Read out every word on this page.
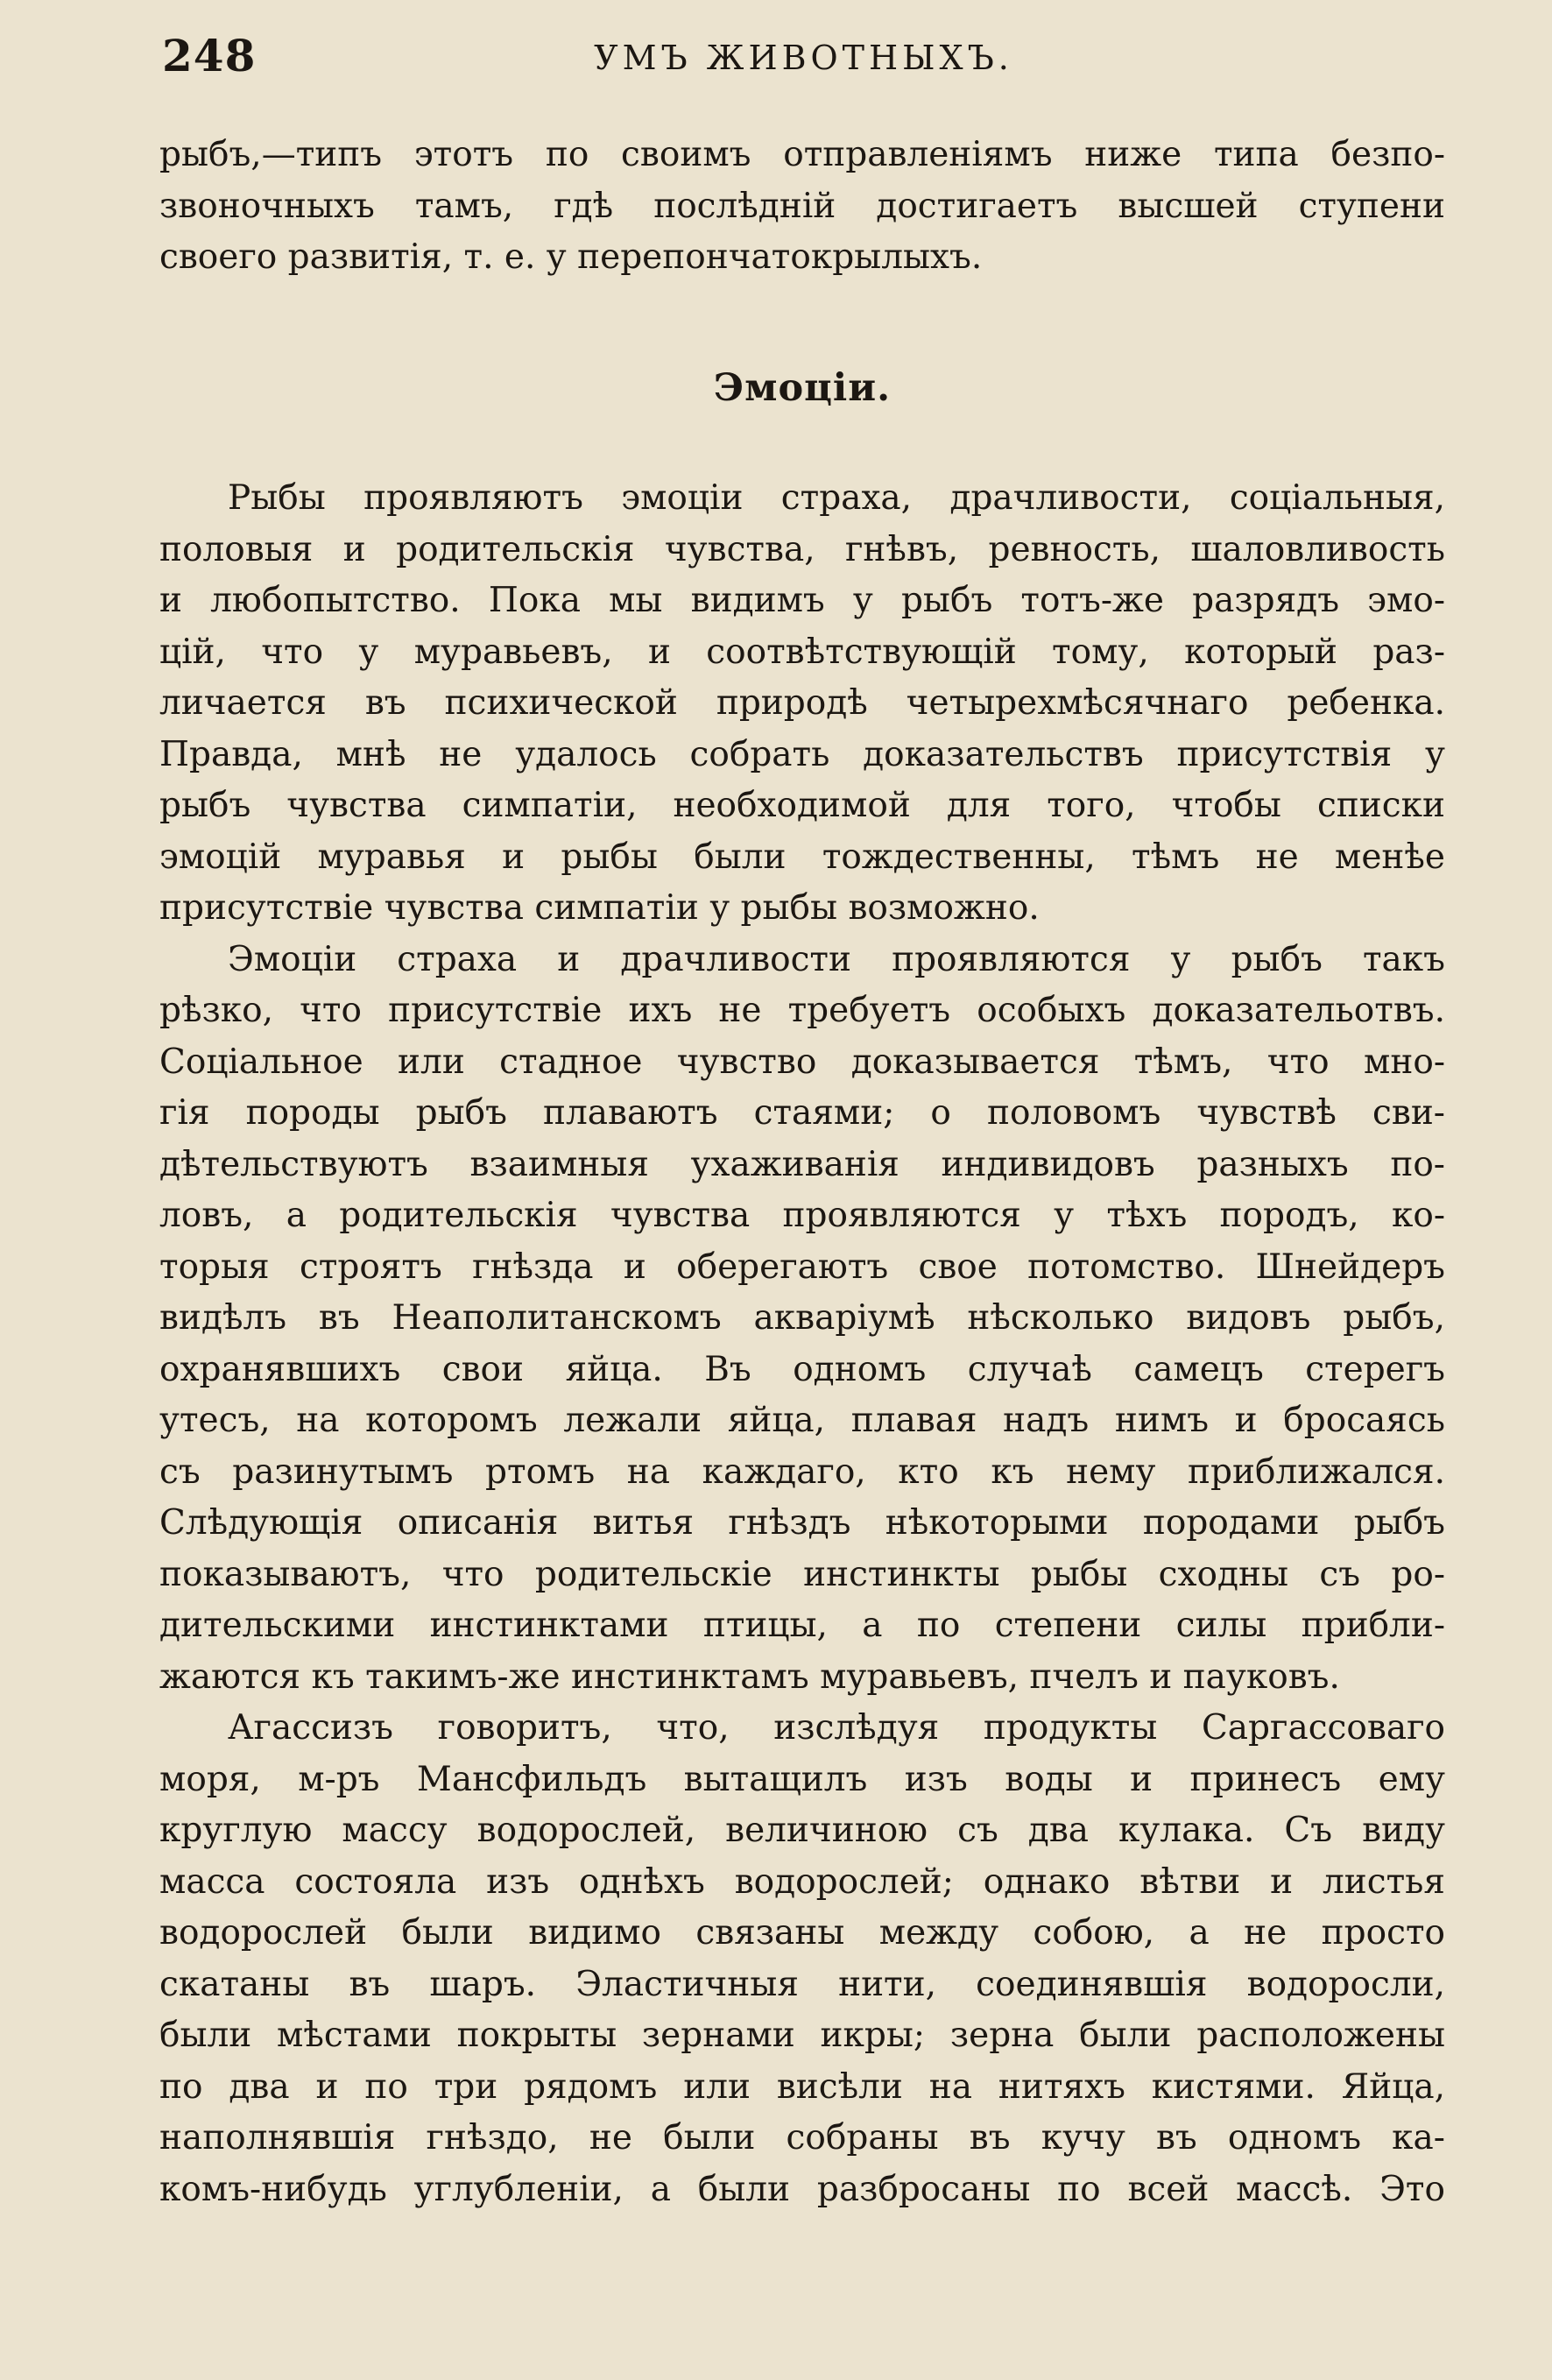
248	УМЪ ЖИВОТНЫХЪ.
рыбъ,—типъ этотъ по своимъ отправленіямъ ниже типа безпо-
звоночныхъ тамъ, гдѣ послѣдній достигаетъ высшей ступени
своего развитія, т. е. у перепончатокрылыхъ.
Эмоціи.
Рыбы проявляютъ эмоціи страха, драчливости, соціальныя,
половыя и родительскія чувства, гнѣвъ, ревность, шаловливость
и любопытство. Пока мы видимъ у рыбъ тотъ-же разрядъ эмо-
цій, что у муравьевъ, и соотвѣтствующій тому, который раз-
личается въ психической природѣ четырехмѣсячнаго ребенка.
Правда, мнѣ не удалось собрать доказательствъ присутствія у
рыбъ чувства симпатіи, необходимой для того, чтобы списки
эмоцій муравья и рыбы были тождественны, тѣмъ не менѣе
присутствіе чувства симпатіи у рыбы возможно.
Эмоціи страха и драчливости проявляются у рыбъ такъ
рѣзко, что присутствіе ихъ не требуетъ особыхъ доказательотвъ.
Соціальное или стадное чувство доказывается тѣмъ, что мно-
гія породы рыбъ плаваютъ стаями; о половомъ чувствѣ сви-
дѣтельствуютъ взаимныя ухаживанія индивидовъ разныхъ по-
ловъ, а родительскія чувства проявляются у тѣхъ породъ, ко-
торыя строятъ гнѣзда и оберегаютъ свое потомство. Шнейдеръ
видѣлъ въ Неаполитанскомъ акваріумѣ нѣсколько видовъ рыбъ,
охранявшихъ свои яйца. Въ одномъ случаѣ самецъ стерегъ
утесъ, на которомъ лежали яйца, плавая надъ нимъ и бросаясь
съ разинутымъ ртомъ на каждаго, кто къ нему приближался.
Слѣдующія описанія витья гнѣздъ нѣкоторыми породами рыбъ
показываютъ, что родительскіе инстинкты рыбы сходны съ ро-
дительскими инстинктами птицы, а по степени силы прибли-
жаются къ такимъ-же инстинктамъ муравьевъ, пчелъ и пауковъ.
Агассизъ говоритъ, что, изслѣдуя продукты Саргассоваго
моря, м-ръ Мансфильдъ вытащилъ изъ воды и принесъ ему
круглую массу водорослей, величиною съ два кулака. Съ виду
масса состояла изъ однѣхъ водорослей; однако вѣтви и листья
водорослей были видимо связаны между собою, а не просто
скатаны въ шаръ. Эластичныя нити, соединявшія водоросли,
были мѣстами покрыты зернами икры; зерна были расположены
по два и по три рядомъ или висѣли на нитяхъ кистями. Яйца,
наполнявшія гнѣздо, не были собраны въ кучу въ одномъ ка-
комъ-нибудь углубленіи, а были разбросаны по всей массѣ. Это
